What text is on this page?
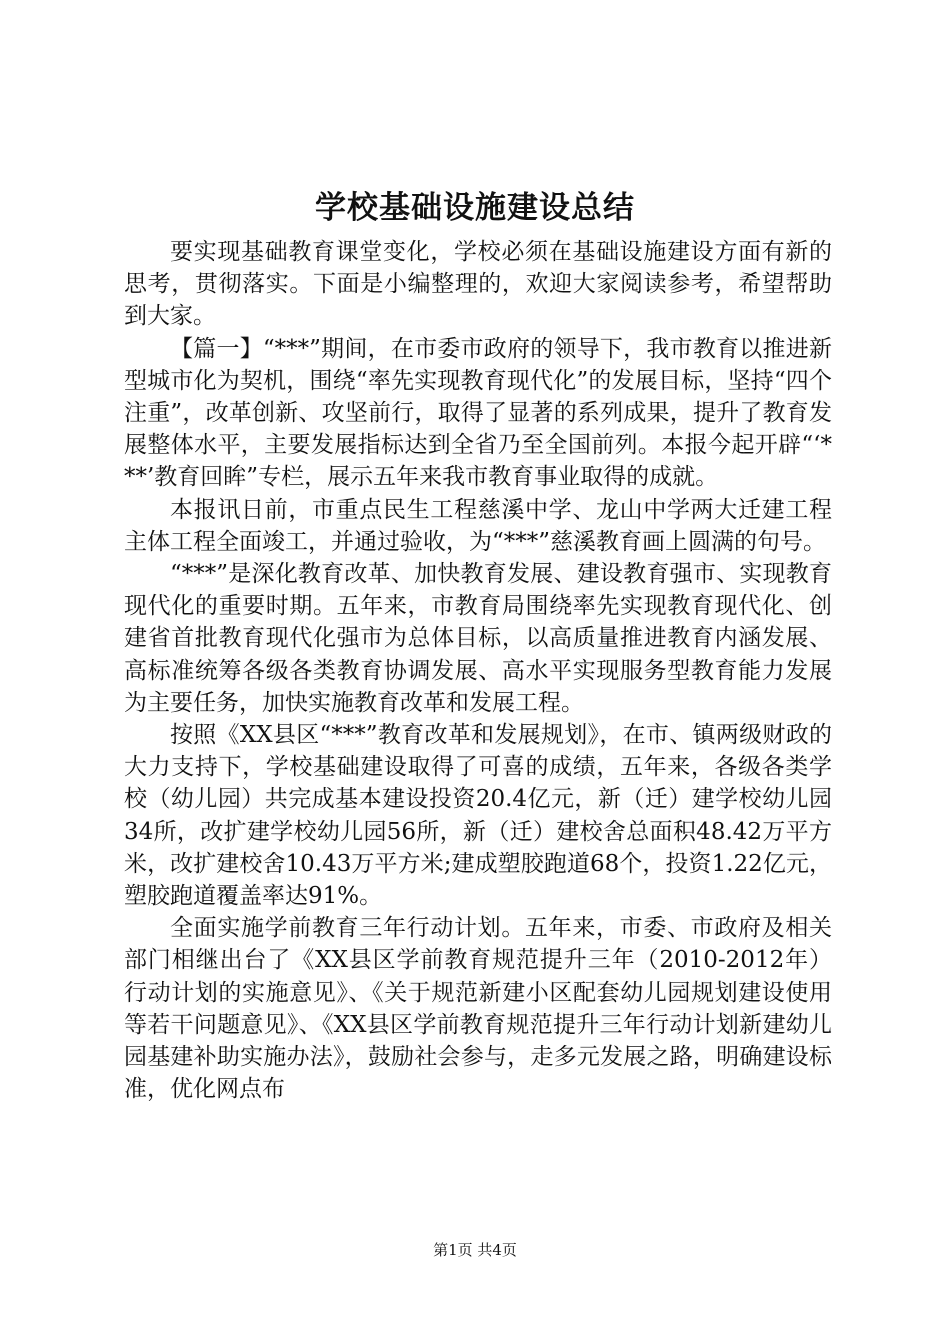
学校基础设施建设总结

要实现基础教育课堂变化，学校必须在基础设施建设方面有新的思考，贯彻落实。下面是小编整理的，欢迎大家阅读参考，希望帮助到大家。

【篇一】“***”期间，在市委市政府的领导下，我市教育以推进新型城市化为契机，围绕“率先实现教育现代化”的发展目标，坚持“四个注重”，改革创新、攻坚前行，取得了显著的系列成果，提升了教育发展整体水平，主要发展指标达到全省乃至全国前列。本报今起开辟“‘***’教育回眸”专栏，展示五年来我市教育事业取得的成就。

本报讯日前，市重点民生工程慈溪中学、龙山中学两大迁建工程主体工程全面竣工，并通过验收，为“***”慈溪教育画上圆满的句号。

“***”是深化教育改革、加快教育发展、建设教育强市、实现教育现代化的重要时期。五年来，市教育局围绕率先实现教育现代化、创建省首批教育现代化强市为总体目标，以高质量推进教育内涵发展、高标准统筹各级各类教育协调发展、高水平实现服务型教育能力发展为主要任务，加快实施教育改革和发展工程。

按照《XX县区“***”教育改革和发展规划》，在市、镇两级财政的大力支持下，学校基础建设取得了可喜的成绩，五年来，各级各类学校（幼儿园）共完成基本建设投资20.4亿元，新（迁）建学校幼儿园34所，改扩建学校幼儿园56所，新（迁）建校舍总面积48.42万平方米，改扩建校舍10.43万平方米;建成塑胶跑道68个，投资1.22亿元，塑胶跑道覆盖率达91%。

全面实施学前教育三年行动计划。五年来，市委、市政府及相关部门相继出台了《XX县区学前教育规范提升三年（2010-2012年）行动计划的实施意见》、《关于规范新建小区配套幼儿园规划建设使用等若干问题意见》、《XX县区学前教育规范提升三年行动计划新建幼儿园基建补助实施办法》，鼓励社会参与，走多元发展之路，明确建设标准，优化网点布

第1页 共4页
